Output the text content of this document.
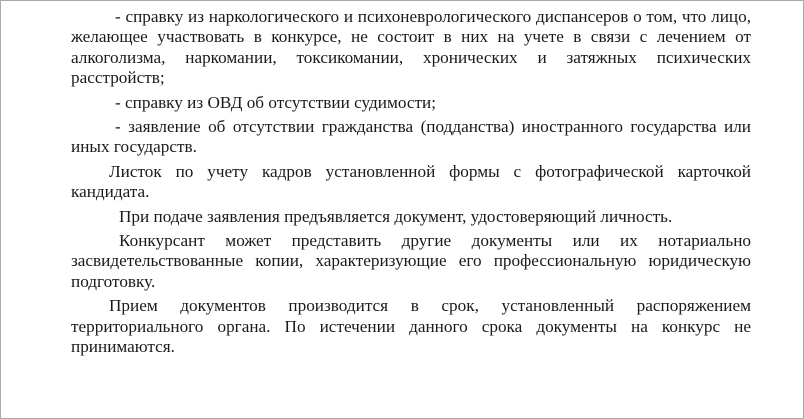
- справку из наркологического и психоневрологического диспансеров о том, что лицо, желающее участвовать в конкурсе, не состоит в них на учете в связи с лечением от алкоголизма, наркомании, токсикомании, хронических и затяжных психических расстройств;

- справку из ОВД об отсутствии судимости;

- заявление об отсутствии гражданства (подданства) иностранного государства или иных государств.

Листок по учету кадров установленной формы с фотографической карточкой кандидата.

При подаче заявления предъявляется документ, удостоверяющий личность.

Конкурсант может представить другие документы или их нотариально засвидетельствованные копии, характеризующие его профессиональную юридическую подготовку.

Прием документов производится в срок, установленный распоряжением территориального органа. По истечении данного срока документы на конкурс не принимаются.
